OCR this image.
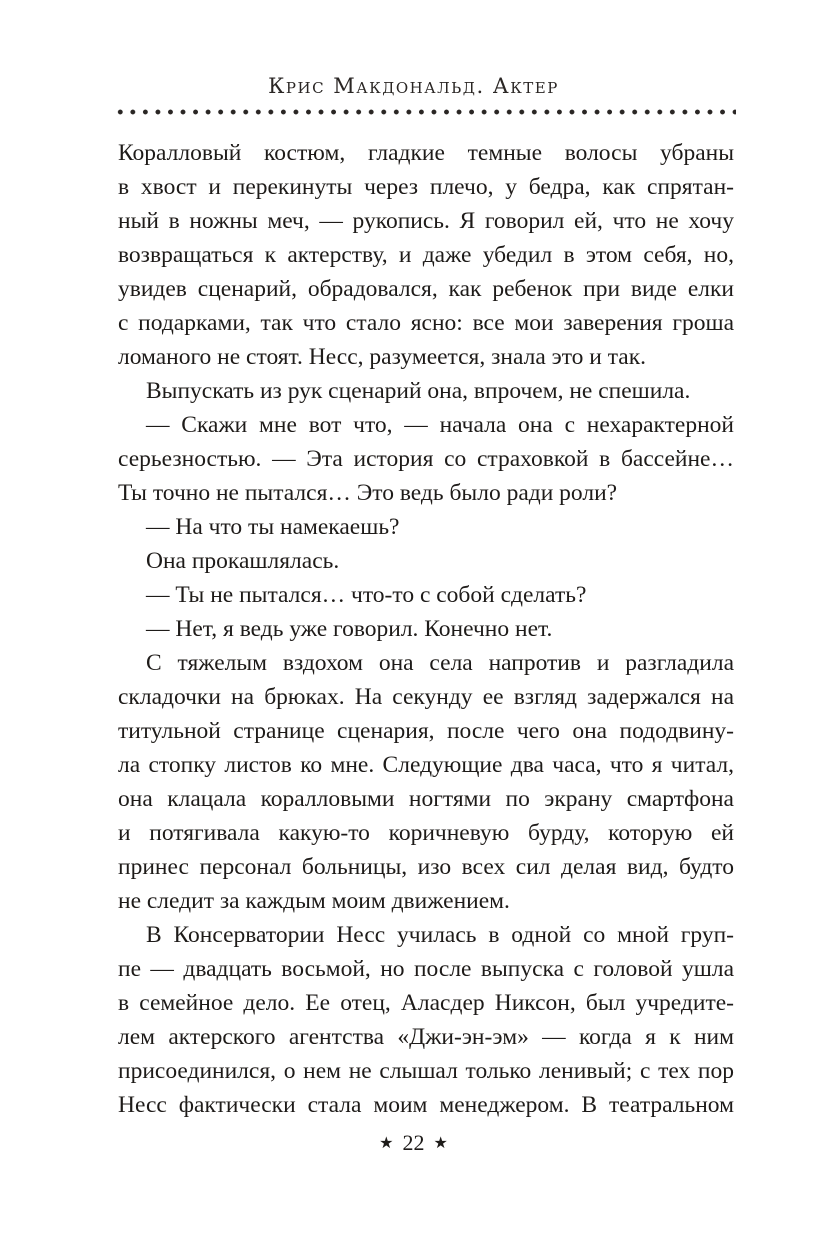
Крис Макдональд. Актер
Коралловый костюм, гладкие темные волосы убраны
в хвост и перекинуты через плечо, у бедра, как спрятан-
ный в ножны меч, — рукопись. Я говорил ей, что не хочу
возвращаться к актерству, и даже убедил в этом себя, но,
увидев сценарий, обрадовался, как ребенок при виде елки
с подарками, так что стало ясно: все мои заверения гроша
ломаного не стоят. Несс, разумеется, знала это и так.
Выпускать из рук сценарий она, впрочем, не спешила.
— Скажи мне вот что, — начала она с нехарактерной
серьезностью. — Эта история со страховкой в бассейне…
Ты точно не пытался… Это ведь было ради роли?
— На что ты намекаешь?
Она прокашлялась.
— Ты не пытался… что-то с собой сделать?
— Нет, я ведь уже говорил. Конечно нет.
С тяжелым вздохом она села напротив и разгладила
складочки на брюках. На секунду ее взгляд задержался на
титульной странице сценария, после чего она пододвину-
ла стопку листов ко мне. Следующие два часа, что я читал,
она клацала коралловыми ногтями по экрану смартфона
и потягивала какую-то коричневую бурду, которую ей
принес персонал больницы, изо всех сил делая вид, будто
не следит за каждым моим движением.
В Консерватории Несс училась в одной со мной груп-
пе — двадцать восьмой, но после выпуска с головой ушла
в семейное дело. Ее отец, Аласдер Никсон, был учредите-
лем актерского агентства «Джи-эн-эм» — когда я к ним
присоединился, о нем не слышал только ленивый; с тех пор
Несс фактически стала моим менеджером. В театральном
★ 22 ★
